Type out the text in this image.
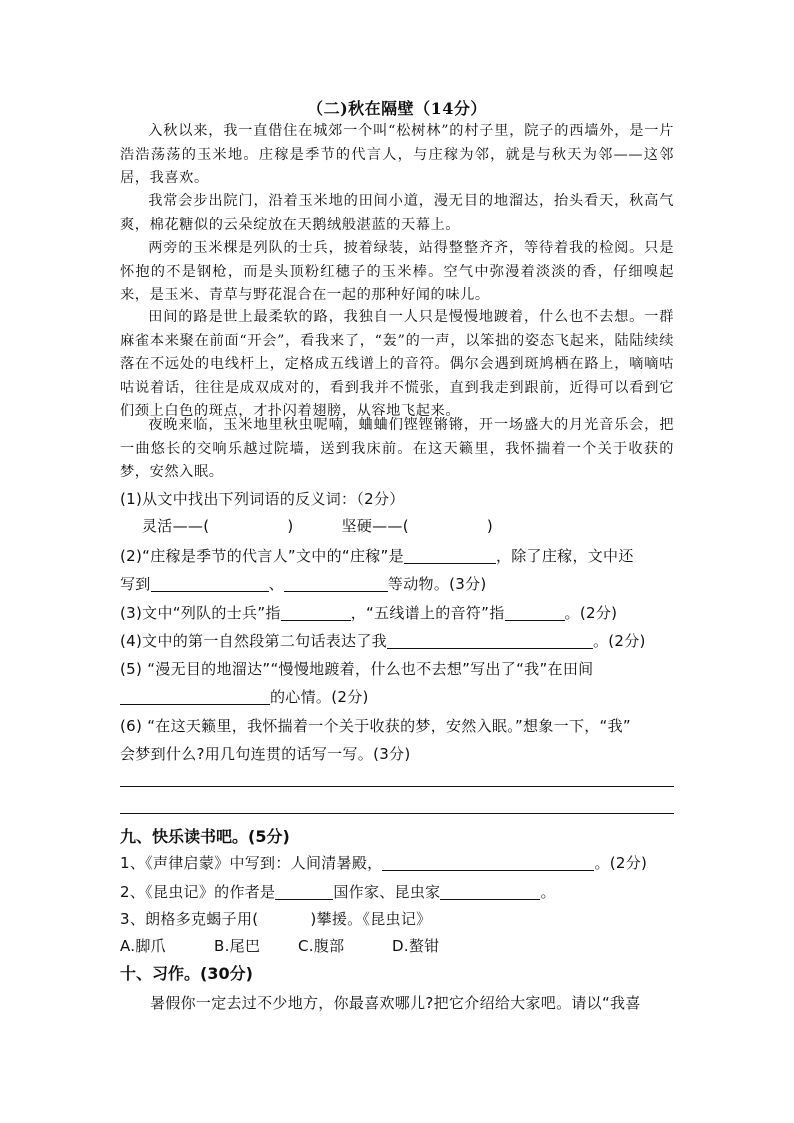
（二)秋在隔壁（14分）

入秋以来，我一直借住在城郊一个叫“松树林”的村子里，院子的西墙外，是一片浩浩荡荡的玉米地。庄稼是季节的代言人，与庄稼为邻，就是与秋天为邻——这邻居，我喜欢。

我常会步出院门，沿着玉米地的田间小道，漫无目的地溜达，抬头看天，秋高气爽，棉花糖似的云朵绽放在天鹅绒般湛蓝的天幕上。

两旁的玉米棵是列队的士兵，披着绿装，站得整整齐齐，等待着我的检阅。只是怀抱的不是钢枪，而是头顶粉红穗子的玉米棒。空气中弥漫着淡淡的香，仔细嗅起来，是玉米、青草与野花混合在一起的那种好闻的味儿。

田间的路是世上最柔软的路，我独自一人只是慢慢地踱着，什么也不去想。一群麻雀本来聚在前面“开会”，看我来了，“轰”的一声，以笨拙的姿态飞起来，陆陆续续落在不远处的电线杆上，定格成五线谱上的音符。偶尔会遇到斑鸠栖在路上，嘀嘀咕咕说着话，往往是成双成对的，看到我并不慌张，直到我走到跟前，近得可以看到它们颈上白色的斑点，才扑闪着翅膀，从容地飞起来。

夜晚来临，玉米地里秋虫呢喃，蛐蛐们铿铿锵锵，开一场盛大的月光音乐会，把一曲悠长的交响乐越过院墙，送到我床前。在这天籁里，我怀揣着一个关于收获的梦，安然入眠。

(1)从文中找出下列词语的反义词：（2分）
灵活——(	)	坚硬——(	)
(2)“庄稼是季节的代言人”文中的“庄稼”是	，除了庄稼，文中还
写到	、	等动物。(3分)
(3)文中“列队的士兵”指	，“五线谱上的音符”指	。(2分)
(4)文中的第一自然段第二句话表达了我	。(2分)
(5) “漫无目的地溜达”“慢慢地踱着，什么也不去想”写出了“我”在田间
的心情。(2分)
(6) “在这天籁里，我怀揣着一个关于收获的梦，安然入眠。”想象一下，“我”
会梦到什么?用几句连贯的话写一写。(3分)
九、快乐读书吧。(5分)
1、《声律启蒙》中写到：人间清暑殿，	。(2分)
2、《昆虫记》的作者是	国作家、昆虫家	。
3、朗格多克蝎子用(	)攀援。《昆虫记》
A.脚爪	B.尾巴	C.腹部	D.螯钳
十、习作。(30分)
暑假你一定去过不少地方，你最喜欢哪儿?把它介绍给大家吧。请以“我喜
